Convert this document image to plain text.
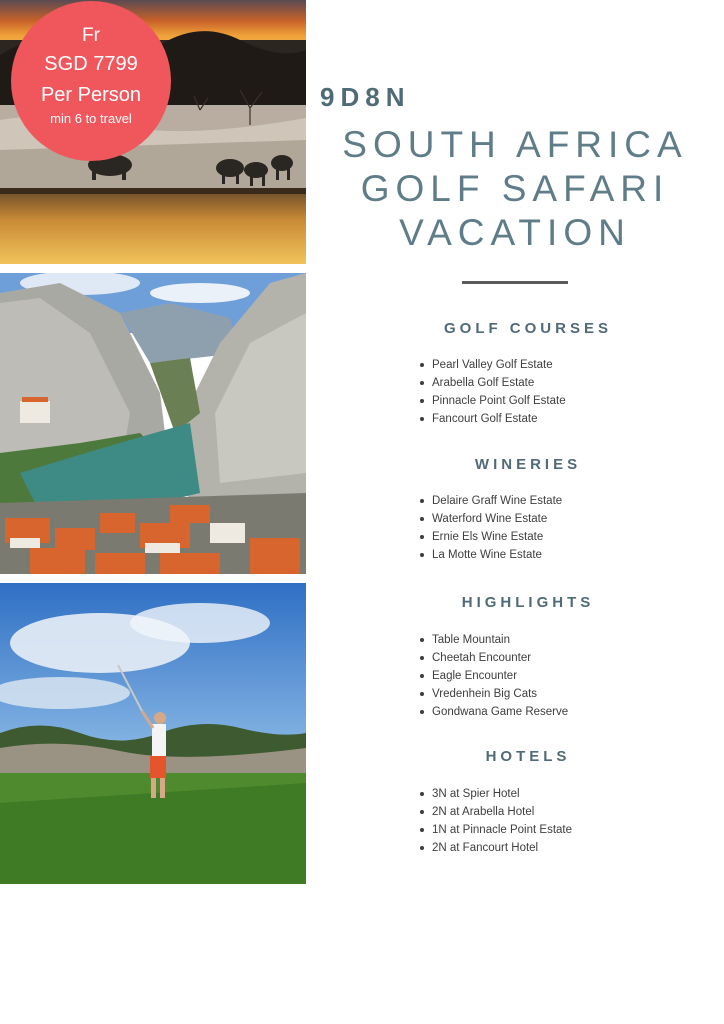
Fr
SGD 7799
Per Person
min 6 to travel
9D8N
SOUTH AFRICA
GOLF SAFARI
VACATION
GOLF COURSES
Pearl Valley Golf Estate
Arabella Golf Estate
Pinnacle Point Golf Estate
Fancourt Golf Estate
WINERIES
Delaire Graff Wine Estate
Waterford Wine Estate
Ernie Els Wine Estate
La Motte Wine Estate
HIGHLIGHTS
Table Mountain
Cheetah Encounter
Eagle Encounter
Vredenhein Big Cats
Gondwana Game Reserve
HOTELS
3N at Spier Hotel
2N at Arabella Hotel
1N at Pinnacle Point Estate
2N at Fancourt Hotel
